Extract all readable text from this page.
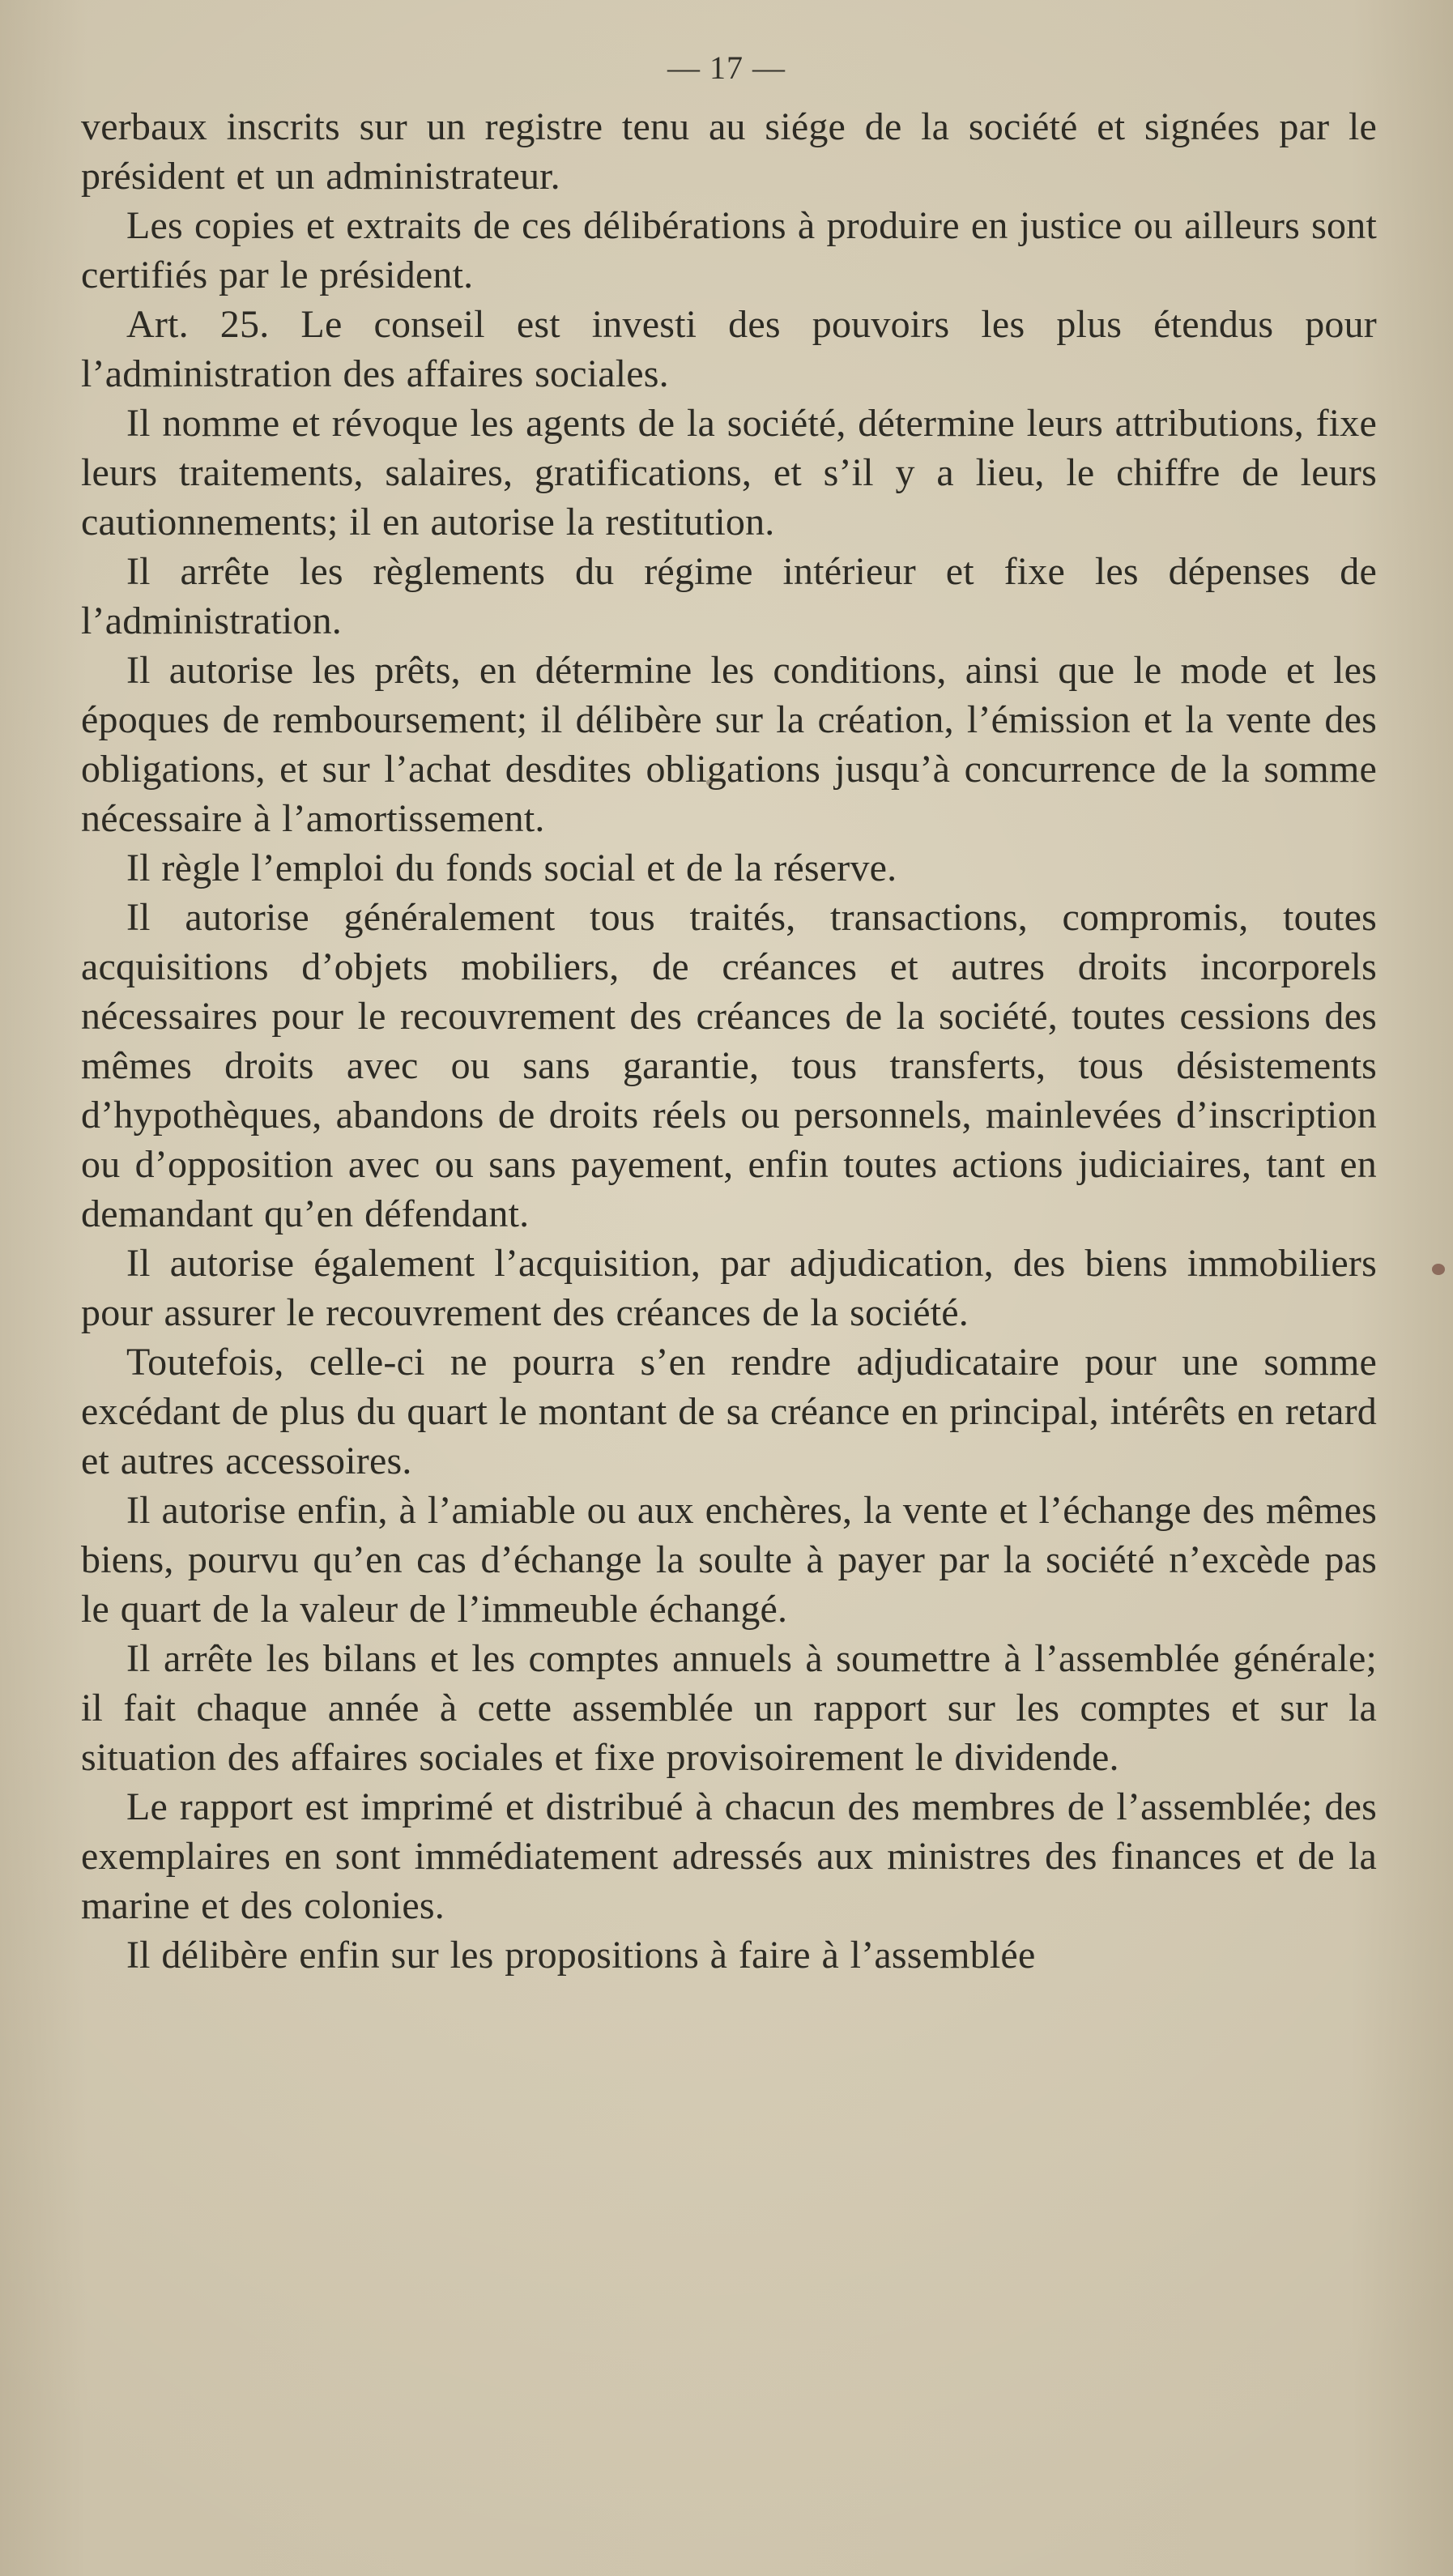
— 17 —

verbaux inscrits sur un registre tenu au siége de la société et signées par le président et un administrateur.

Les copies et extraits de ces délibérations à produire en justice ou ailleurs sont certifiés par le président.

Art. 25. Le conseil est investi des pouvoirs les plus étendus pour l’administration des affaires sociales.

Il nomme et révoque les agents de la société, détermine leurs attributions, fixe leurs traitements, salaires, gratifications, et s’il y a lieu, le chiffre de leurs cautionnements; il en autorise la restitution.

Il arrête les règlements du régime intérieur et fixe les dépenses de l’administration.

Il autorise les prêts, en détermine les conditions, ainsi que le mode et les époques de remboursement; il délibère sur la création, l’émission et la vente des obligations, et sur l’achat desdites obligations jusqu’à concurrence de la somme nécessaire à l’amortissement.

Il règle l’emploi du fonds social et de la réserve.

Il autorise généralement tous traités, transactions, compromis, toutes acquisitions d’objets mobiliers, de créances et autres droits incorporels nécessaires pour le recouvrement des créances de la société, toutes cessions des mêmes droits avec ou sans garantie, tous transferts, tous désistements d’hypothèques, abandons de droits réels ou personnels, mainlevées d’inscription ou d’opposition avec ou sans payement, enfin toutes actions judiciaires, tant en demandant qu’en défendant.

Il autorise également l’acquisition, par adjudication, des biens immobiliers pour assurer le recouvrement des créances de la société.

Toutefois, celle-ci ne pourra s’en rendre adjudicataire pour une somme excédant de plus du quart le montant de sa créance en principal, intérêts en retard et autres accessoires.

Il autorise enfin, à l’amiable ou aux enchères, la vente et l’échange des mêmes biens, pourvu qu’en cas d’échange la soulte à payer par la société n’excède pas le quart de la valeur de l’immeuble échangé.

Il arrête les bilans et les comptes annuels à soumettre à l’assemblée générale; il fait chaque année à cette assemblée un rapport sur les comptes et sur la situation des affaires sociales et fixe provisoirement le dividende.

Le rapport est imprimé et distribué à chacun des membres de l’assemblée; des exemplaires en sont immédiatement adressés aux ministres des finances et de la marine et des colonies.

Il délibère enfin sur les propositions à faire à l’assemblée
